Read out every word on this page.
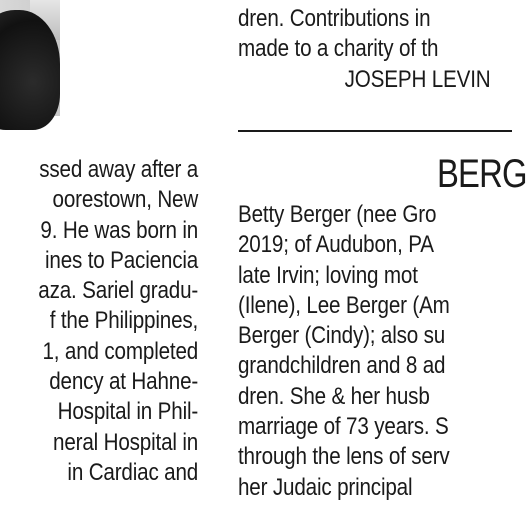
dren. Contributions in
made to a charity of th
JOSEPH LEVIN
ssed away after a
oorestown, New
9. He was born in
ines to Paciencia
aza. Sariel gradu-
f the Philippines,
1, and completed
dency at Hahne-
Hospital in Phil-
neral Hospital in
in Cardiac and
BERG
Betty Berger (nee Gro
2019; of Audubon, PA
late Irvin; loving mot
(Ilene), Lee Berger (Am
Berger (Cindy); also su
grandchildren and 8 ad
dren. She & her husb
marriage of 73 years. S
through the lens of serv
her Judaic principal
